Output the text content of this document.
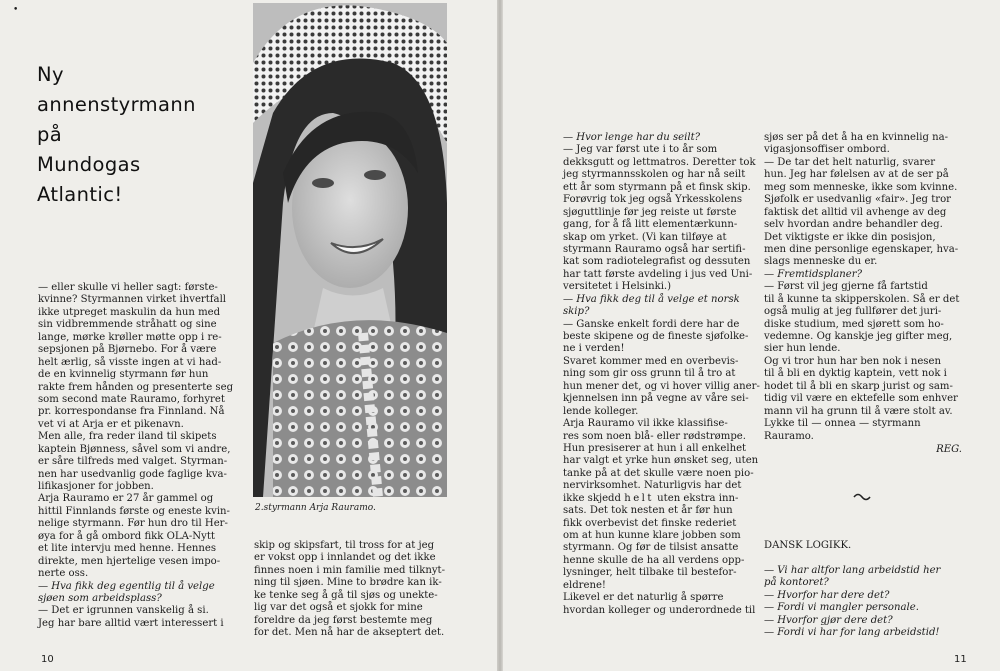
•
Ny
annenstyrmann
på
Mundogas
Atlantic!
2.styrmann Arja Rauramo.
— eller skulle vi heller sagt: første-
kvinne? Styrmannen virket ihvertfall
ikke utpreget maskulin da hun med
sin vidbremmende stråhatt og sine
lange, mørke krøller møtte opp i re-
sepsjonen på Bjørnebo. For å være
helt ærlig, så visste ingen at vi had-
de en kvinnelig styrmann før hun
rakte frem hånden og presenterte seg
som second mate Rauramo, forhyret
pr. korrespondanse fra Finnland. Nå
vet vi at Arja er et pikenavn.
Men alle, fra reder iland til skipets
kaptein Bjønness, såvel som vi andre,
er såre tilfreds med valget. Styrman-
nen har usedvanlig gode faglige kva-
lifikasjoner for jobben.
Arja Rauramo er 27 år gammel og
hittil Finnlands første og eneste kvin-
nelige styrmann. Før hun dro til Her-
øya for å gå ombord fikk OLA-Nytt
et lite intervju med henne. Hennes
direkte, men hjertelige vesen impo-
nerte oss.
— Hva fikk deg egentlig til å velge
sjøen som arbeidsplass?
— Det er igrunnen vanskelig å si.
Jeg har bare alltid vært interessert i
skip og skipsfart, til tross for at jeg
er vokst opp i innlandet og det ikke
finnes noen i min familie med tilknyt-
ning til sjøen. Mine to brødre kan ik-
ke tenke seg å gå til sjøs og unekte-
lig var det også et sjokk for mine
foreldre da jeg først bestemte meg
for det. Men nå har de akseptert det.
10	11
— Hvor lenge har du seilt?
— Jeg var først ute i to år som
dekksgutt og lettmatros. Deretter tok
jeg styrmannsskolen og har nå seilt
ett år som styrmann på et finsk skip.
Forøvrig tok jeg også Yrkesskolens
sjøguttlinje før jeg reiste ut første
gang, for å få litt elementærkunn-
skap om yrket. (Vi kan tilføye at
styrmann Rauramo også har sertifi-
kat som radiotelegrafist og dessuten
har tatt første avdeling i jus ved Uni-
versitetet i Helsinki.)
— Hva fikk deg til å velge et norsk
skip?
— Ganske enkelt fordi dere har de
beste skipene og de fineste sjøfolke-
ne i verden!
Svaret kommer med en overbevis-
ning som gir oss grunn til å tro at
hun mener det, og vi hover villig aner-
kjennelsen inn på vegne av våre sei-
lende kolleger.
Arja Rauramo vil ikke klassifise-
res som noen blå- eller rødstrømpe.
Hun presiserer at hun i all enkelhet
har valgt et yrke hun ønsket seg, uten
tanke på at det skulle være noen pio-
nervirksomhet. Naturligvis har det
ikke skjedd helt uten ekstra inn-
sats. Det tok nesten et år før hun
fikk overbevist det finske rederiet
om at hun kunne klare jobben som
styrmann. Og før de tilsist ansatte
henne skulle de ha all verdens opp-
lysninger, helt tilbake til bestefor-
eldrene!
Likevel er det naturlig å spørre
hvordan kolleger og underordnede til
sjøs ser på det å ha en kvinnelig na-
vigasjonsoffiser ombord.
— De tar det helt naturlig, svarer
hun. Jeg har følelsen av at de ser på
meg som menneske, ikke som kvinne.
Sjøfolk er usedvanlig «fair». Jeg tror
faktisk det alltid vil avhenge av deg
selv hvordan andre behandler deg.
Det viktigste er ikke din posisjon,
men dine personlige egenskaper, hva-
slags menneske du er.
— Fremtidsplaner?
— Først vil jeg gjerne få fartstid
til å kunne ta skipperskolen. Så er det
også mulig at jeg fullfører det juri-
diske studium, med sjørett som ho-
vedemne. Og kanskje jeg gifter meg,
sier hun lende.
Og vi tror hun har ben nok i nesen
til å bli en dyktig kaptein, vett nok i
hodet til å bli en skarp jurist og sam-
tidig vil være en ektefelle som enhver
mann vil ha grunn til å være stolt av.
Lykke til — onnea — styrmann
Rauramo.
REG.
DANSK LOGIKK.
— Vi har altfor lang arbeidstid her
på kontoret?
— Hvorfor har dere det?
— Fordi vi mangler personale.
— Hvorfor gjør dere det?
— Fordi vi har for lang arbeidstid!
